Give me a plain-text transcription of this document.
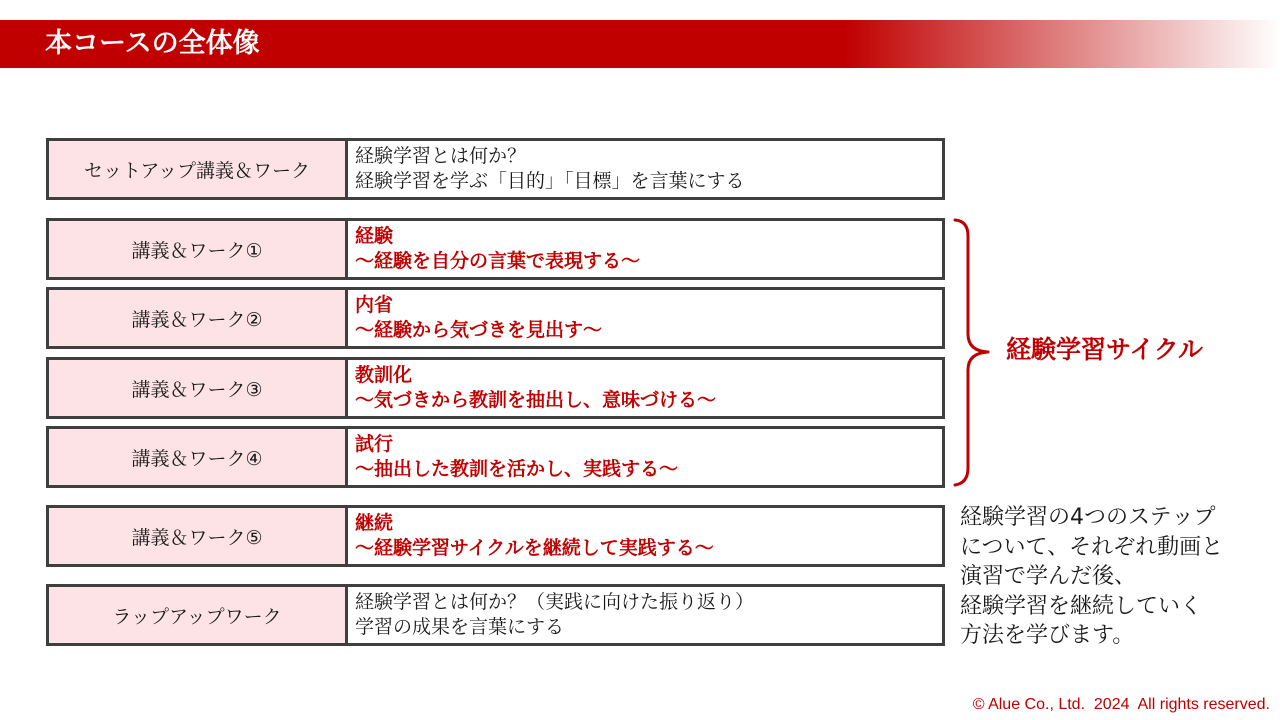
本コースの全体像
セットアップ講義＆ワーク
経験学習とは何か？
経験学習を学ぶ「目的」「目標」を言葉にする
講義＆ワーク①
経験
～経験を自分の言葉で表現する～
講義＆ワーク②
内省
～経験から気づきを見出す～
講義＆ワーク③
教訓化
～気づきから教訓を抽出し、意味づける～
講義＆ワーク④
試行
～抽出した教訓を活かし、実践する～
講義＆ワーク⑤
継続
～経験学習サイクルを継続して実践する～
ラップアップワーク
経験学習とは何か？（実践に向けた振り返り）
学習の成果を言葉にする
経験学習サイクル
経験学習の4つのステップ
について、それぞれ動画と
演習で学んだ後、
経験学習を継続していく
方法を学びます。
© Alue Co., Ltd.  2024  All rights reserved.
